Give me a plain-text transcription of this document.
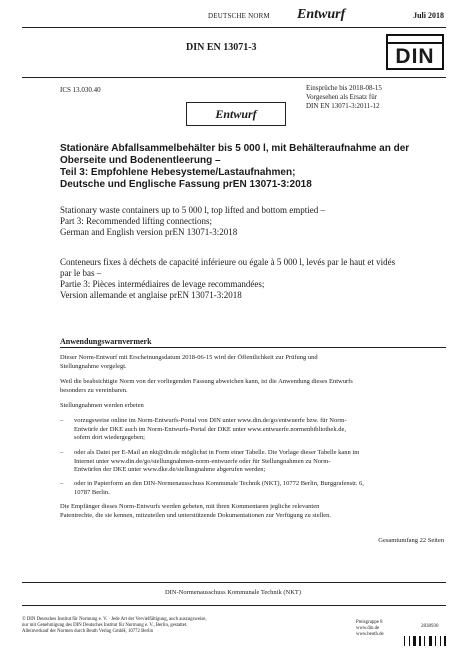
DEUTSCHE NORM Entwurf	Juli 2018
DIN EN 13071-3	DIN
ICS 13.030.40	Einsprüche bis 2018-08-15
Vorgesehen als Ersatz für
DIN EN 13071-3:2011-12
Entwurf
Stationäre Abfallsammelbehälter bis 5 000 l, mit Behälteraufnahme an der
Oberseite und Bodenentleerung –
Teil 3: Empfohlene Hebesysteme/Lastaufnahmen;
Deutsche und Englische Fassung prEN 13071-3:2018
Stationary waste containers up to 5 000 l, top lifted and bottom emptied –
Part 3: Recommended lifting connections;
German and English version prEN 13071-3:2018
Conteneurs fixes à déchets de capacité inférieure ou égale à 5 000 l, levés par le haut et vidés
par le bas –
Partie 3: Pièces intermédiaires de levage recommandées;
Version allemande et anglaise prEN 13071-3:2018
Anwendungswarnvermerk
Dieser Norm-Entwurf mit Erscheinungsdatum 2018-06-15 wird der Öffentlichkeit zur Prüfung und
Stellungnahme vorgelegt.
Weil die beabsichtigte Norm von der vorliegenden Fassung abweichen kann, ist die Anwendung dieses Entwurfs
besonders zu vereinbaren.
Stellungnahmen werden erbeten
– vorzugsweise online im Norm-Entwurfs-Portal von DIN unter www.din.de/go/entwuerfe bzw. für Norm-
Entwürfe der DKE auch im Norm-Entwurfs-Portal der DKE unter www.entwuerfe.normenbibliothek.de,
sofern dort wiedergegeben;
– oder als Datei per E-Mail an nkt@din.de möglichst in Form einer Tabelle. Die Vorlage dieser Tabelle kann im
Internet unter www.din.de/go/stellungnahmen-norm-entwuerfe oder für Stellungnahmen zu Norm-
Entwürfen der DKE unter www.dke.de/stellungnahme abgerufen werden;
– oder in Papierform an den DIN-Normenausschuss Kommunale Technik (NKT), 10772 Berlin, Burggrafenstr. 6,
10787 Berlin.
Die Empfänger dieses Norm-Entwurfs werden gebeten, mit ihren Kommentaren jegliche relevanten
Patentrechte, die sie kennen, mitzuteilen und unterstützende Dokumentationen zur Verfügung zu stellen.
Gesamtumfang 22 Seiten
DIN-Normenausschuss Kommunale Technik (NKT)
© DIN Deutsches Institut für Normung e. V. · Jede Art der Vervielfältigung, auch auszugsweise,
nur mit Genehmigung des DIN Deutsches Institut für Normung e. V., Berlin, gestattet.
Alleinverkauf der Normen durch Beuth Verlag GmbH, 10772 Berlin
Preisgruppe 8
www.din.de
www.beuth.de
2838930
